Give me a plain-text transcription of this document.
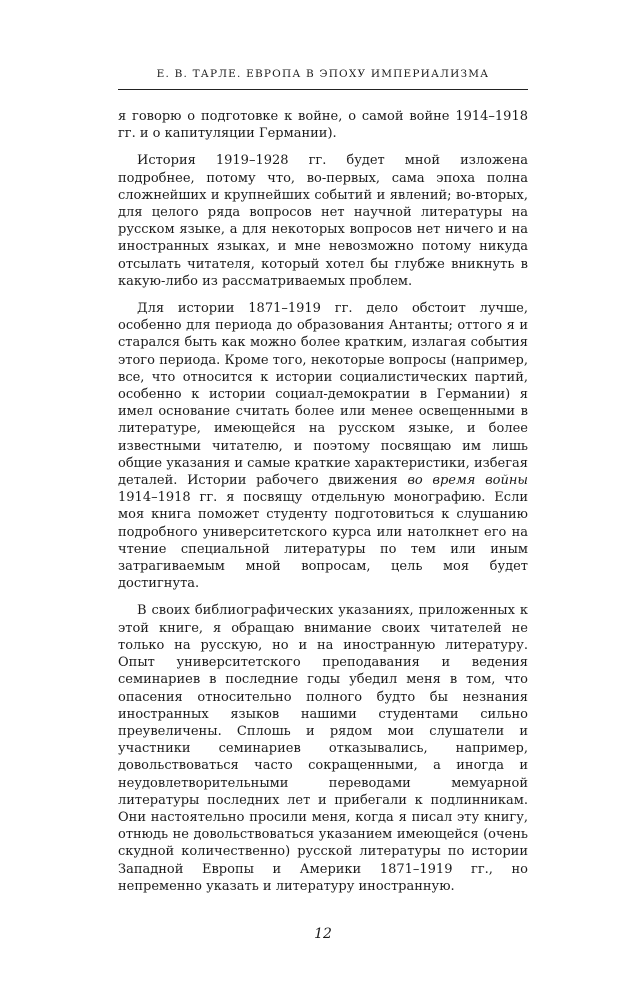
Е. В. ТАРЛЕ. ЕВРОПА В ЭПОХУ ИМПЕРИАЛИЗМА

я говорю о подготовке к войне, о самой войне 1914–1918 гг. и о капитуляции Германии).

История 1919–1928 гг. будет мной изложена подробнее, потому что, во-первых, сама эпоха полна сложнейших и крупнейших событий и явлений; во-вторых, для целого ряда вопросов нет научной литературы на русском языке, а для некоторых вопросов нет ничего и на иностранных языках, и мне невозможно потому никуда отсылать читателя, который хотел бы глубже вникнуть в какую-либо из рассматриваемых проблем.

Для истории 1871–1919 гг. дело обстоит лучше, особенно для периода до образования Антанты; оттого я и старался быть как можно более кратким, излагая события этого периода. Кроме того, некоторые вопросы (например, все, что относится к истории социалистических партий, особенно к истории социал-демократии в Германии) я имел основание считать более или менее освещенными в литературе, имеющейся на русском языке, и более известными читателю, и поэтому посвящаю им лишь общие указания и самые краткие характеристики, избегая деталей. Истории рабочего движения во время войны 1914–1918 гг. я посвящу отдельную монографию. Если моя книга поможет студенту подготовиться к слушанию подробного университетского курса или натолкнет его на чтение специальной литературы по тем или иным затрагиваемым мной вопросам, цель моя будет достигнута.

В своих библиографических указаниях, приложенных к этой книге, я обращаю внимание своих читателей не только на русскую, но и на иностранную литературу. Опыт университетского преподавания и ведения семинариев в последние годы убедил меня в том, что опасения относительно полного будто бы незнания иностранных языков нашими студентами сильно преувеличены. Сплошь и рядом мои слушатели и участники семинариев отказывались, например, довольствоваться часто сокращенными, а иногда и неудовлетворительными переводами мемуарной литературы последних лет и прибегали к подлинникам. Они настоятельно просили меня, когда я писал эту книгу, отнюдь не довольствоваться указанием имеющейся (очень скудной количественно) русской литературы по истории Западной Европы и Америки 1871–1919 гг., но непременно указать и литературу иностранную.

12
